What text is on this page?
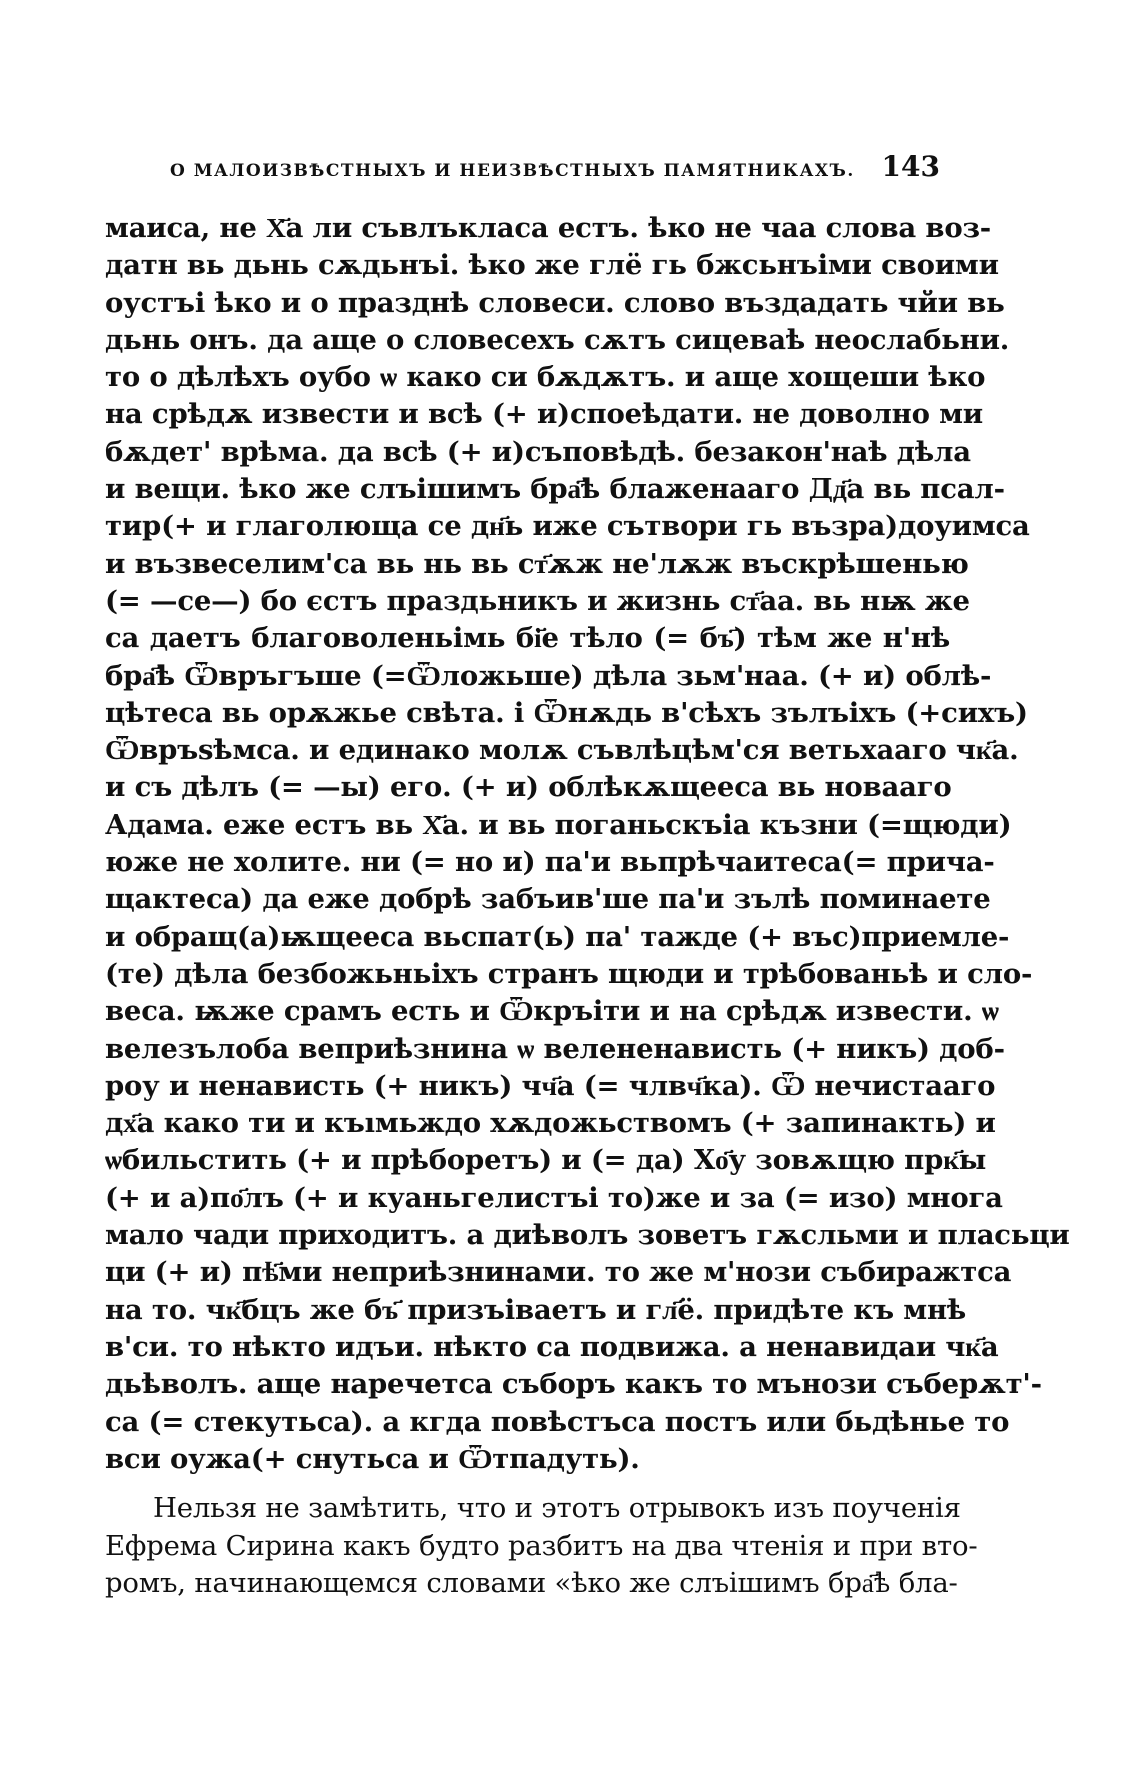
О МАЛОИЗВѢСТНЫХЪ И НЕИЗВѢСТНЫХЪ ПАМЯТНИКАХЪ. 143
маиса, не Х҃а ли съвлъкласа естъ. ѣко не чаа слова воз-
датн вь дьнь сѫдьнъі. ѣко же глё гь бжсьнъіми своими
оустъі ѣко и о празднѣ словеси. слово въздадать чйи вь
дьнь онъ. да аще о словесехъ сѫтъ сицеваѣ неослабьни.
то о дѣлѣхъ оубо ѡ како си бѫдѫтъ. и аще хощеши ѣко
на срѣдѫ извести и всѣ (+ и)споеѣдати. не доволно ми
бѫдет' врѣма. да всѣ (+ и)съповѣдѣ. безакон'наѣ дѣла
и вещи. ѣко же слъішимъ бра҃ѣ блаженааго Дд҃а вь псал-
тир(+ и глаголюща се дн҃ь иже сътвори гь възра)доуимса
и възвеселим'са вь нь вь ст҃ѫж не'лѫж въскрѣшенью
(= —се—) бо єстъ праздьникъ и жизнь ст҃аа. вь нѭ же
са даетъ благоволеньімь бі҃е тѣло (= бъ҃) тѣм же н'нѣ
бра҃ѣ Ѿвръгъше (=Ѿложьше) дѣла зьм'наа. (+ и) облѣ-
цѣтеса вь орѫжье свѣта. і Ѿнѫдь в'сѣхъ зълъіхъ (+сихъ)
Ѿвръѕѣмса. и единако молѫ съвлѣцѣм'ся ветьхааго чк҃а.
и съ дѣлъ (= —ы) его. (+ и) облѣкѫщееса вь новааго
Адама. еже естъ вь Х҃а. и вь поганьскъіа къзни (=щюди)
юже не холите. ни (= но и) па'и вьпрѣчаитеса(= прича-
щактеса) да еже добрѣ забъив'ше па'и зълѣ поминаете
и обращ(а)ѭщееса вьспат(ь) па' тажде (+ въс)приемле-
(те) дѣла безбожьньіхъ странъ щюди и трѣбованьѣ и сло-
веса. ѭже срамъ есть и Ѿкръіти и на срѣдѫ извести. ѡ
велезълоба веприѣзнина ѡ велененависть (+ никъ) доб-
роу и ненависть (+ никъ) чч҃а (= члвч҃ка). Ѿ нечистааго
дх҃а како ти и къıмьждо хѫдожьствомъ (+ запинакть) и
ѡбильстить (+ и прѣборетъ) и (= да) Хо҃у зовѫщю прк҃ы
(+ и а)по҃лъ (+ и куаньгелистъі то)же и за (= изо) многа
мало чади приходитъ. а диѣволъ зоветъ гѫсльми и пласьци
ци (+ и) пѣ҃ми неприѣзнинами. то же м'нози събиражтса
на то. чк҃бцъ же бъ҃ призъіваетъ и гл҃ё. придѣте къ мнѣ
в'си. то нѣкто идъи. нѣкто са подвижа. а ненавидаи чк҃а
дьѣволъ. аще наречетса съборъ какъ то мънози съберѫт'-
са (= стекутьса). а кгда повѣстъса постъ или бьдѣнье то
вси оужа(+ снутьса и Ѿтпадуть).
Нельзя не замѣтить, что и этотъ отрывокъ изъ поученія
Ефрема Сирина какъ будто разбитъ на два чтенія и при вто-
ромъ, начинающемся словами «ѣко же слъішимъ бра҃ѣ бла-
